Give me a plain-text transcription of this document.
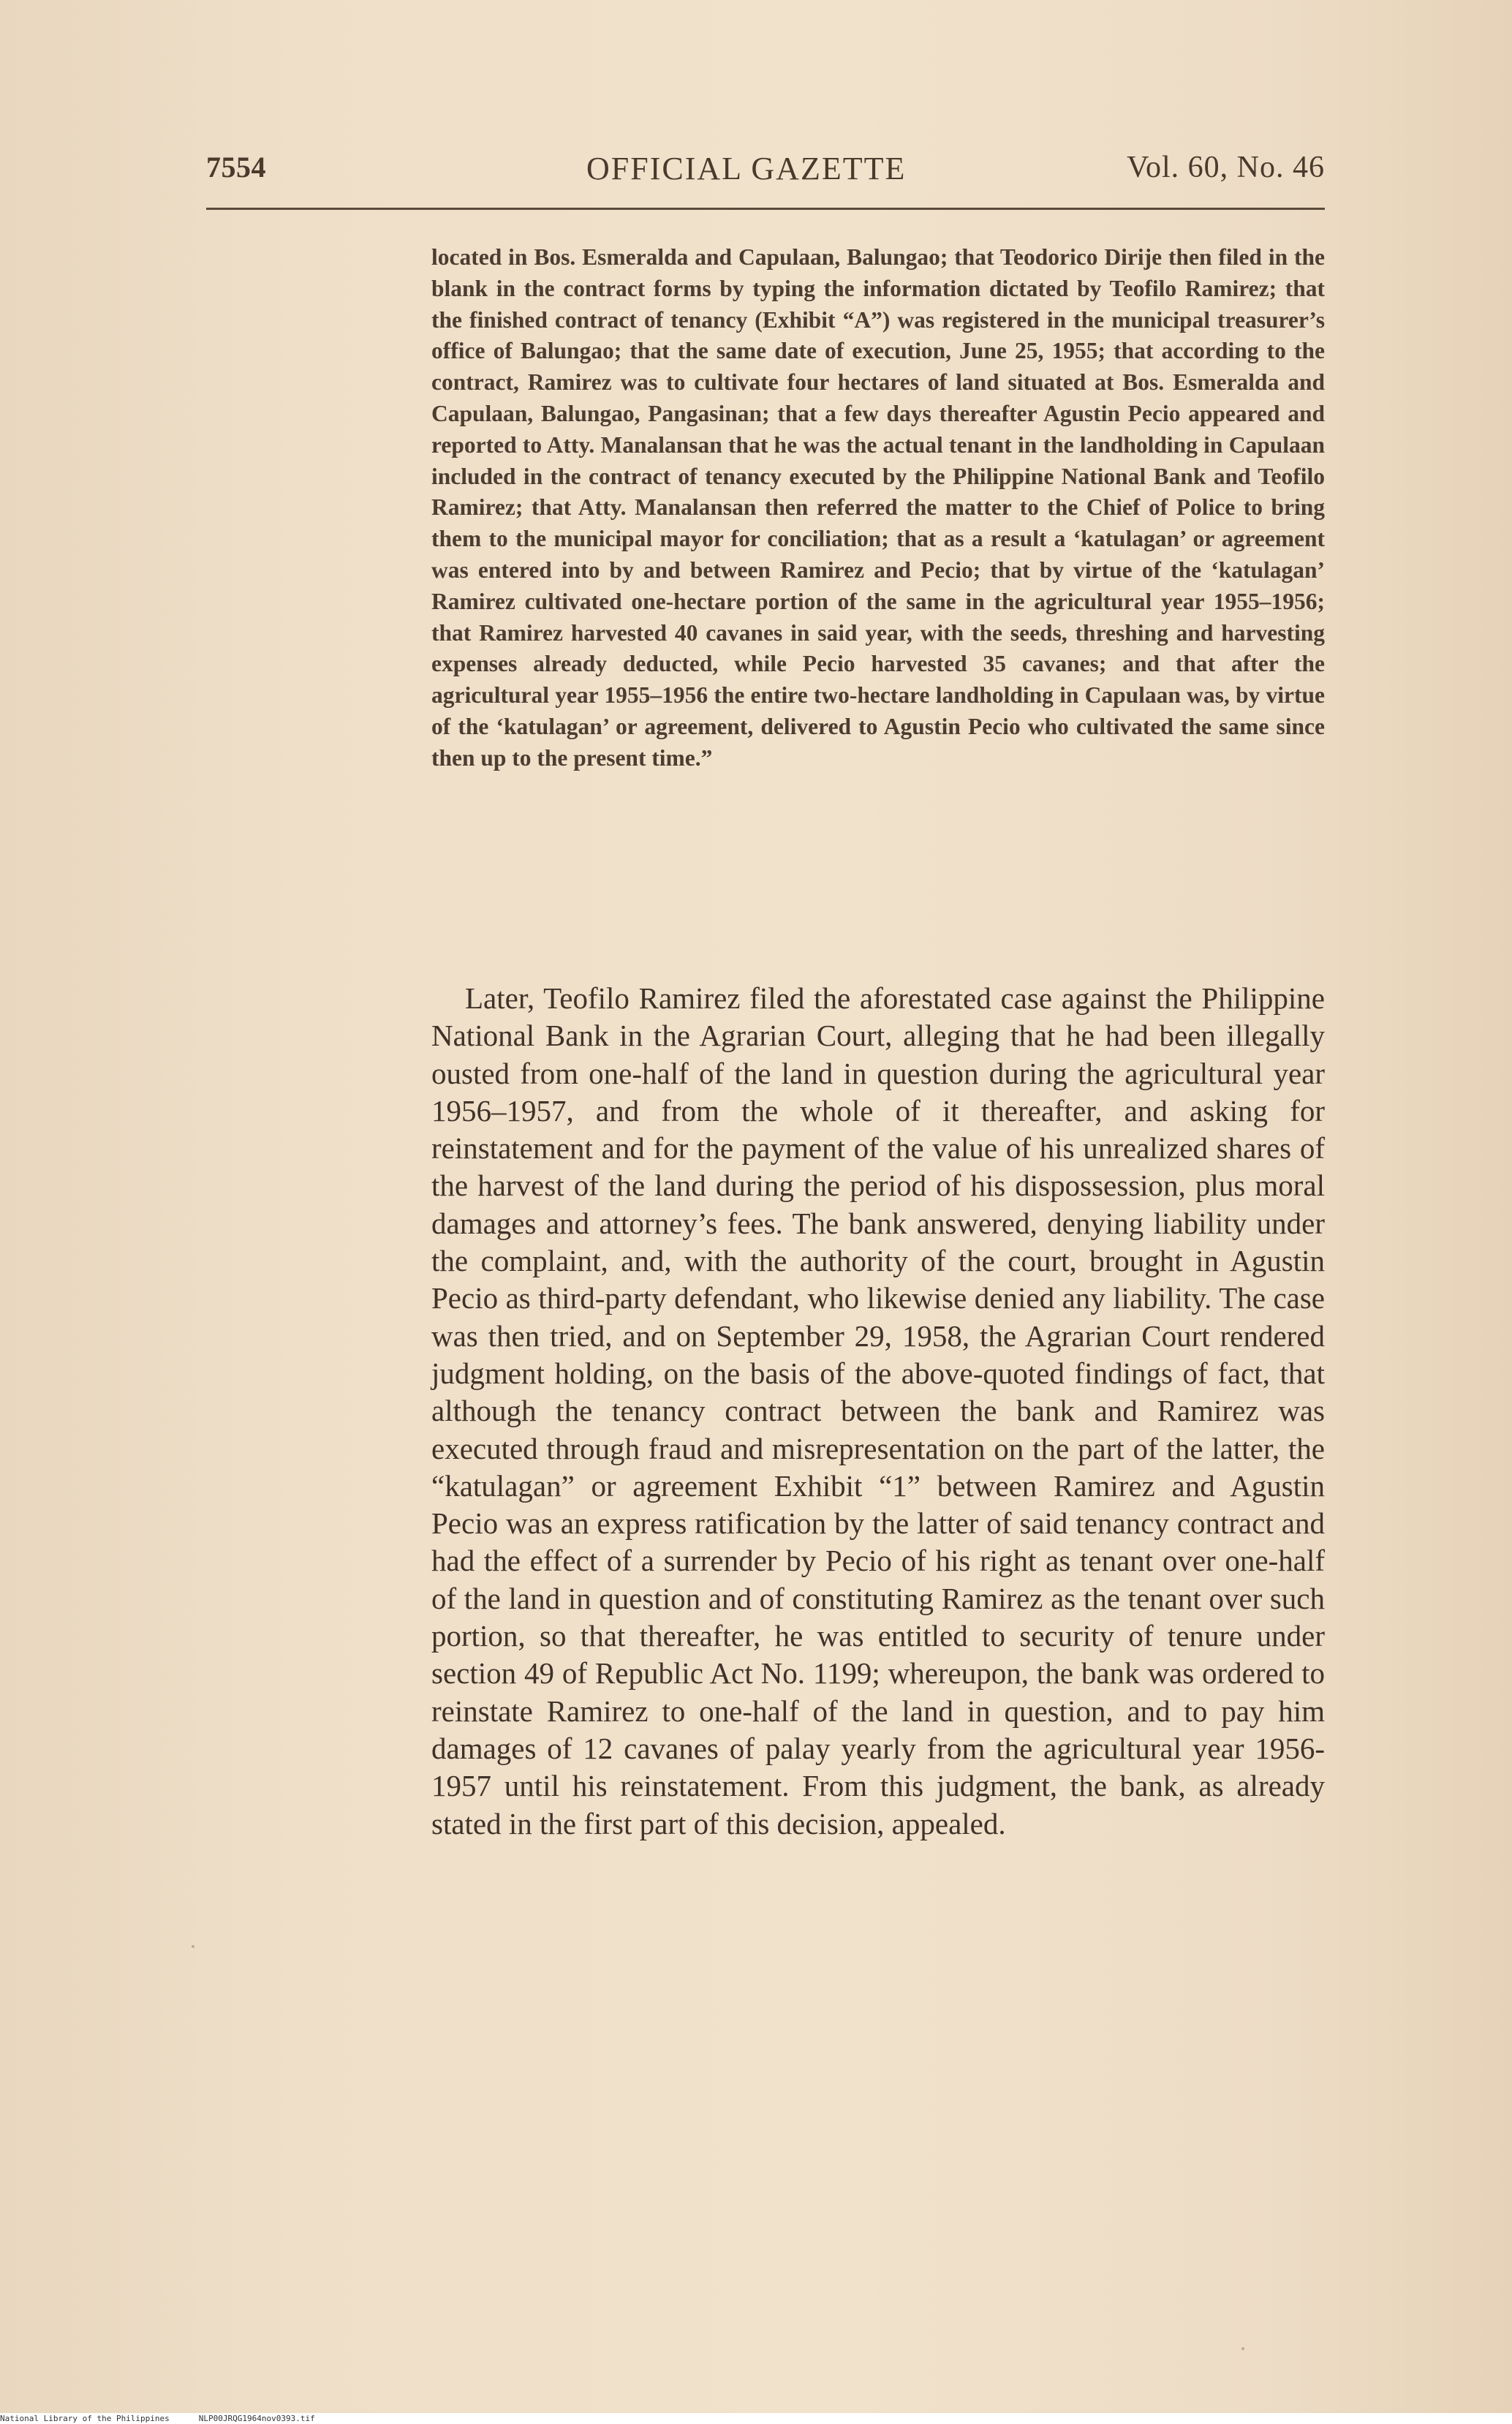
7554	OFFICIAL GAZETTE	Vol. 60, No. 46

located in Bos. Esmeralda and Capulaan, Balungao; that Teodorico Dirije then filed in the blank in the contract forms by typing the information dictated by Teofilo Ramirez; that the finished contract of tenancy (Exhibit “A”) was registered in the municipal treasurer’s office of Balungao; that the same date of execution, June 25, 1955; that according to the contract, Ramirez was to cultivate four hectares of land situated at Bos. Esmeralda and Capulaan, Balungao, Pangasinan; that a few days thereafter Agustin Pecio appeared and reported to Atty. Manalansan that he was the actual tenant in the landholding in Capulaan included in the contract of tenancy executed by the Philippine National Bank and Teofilo Ramirez; that Atty. Manalansan then referred the matter to the Chief of Police to bring them to the municipal mayor for conciliation; that as a result a ‘katulagan’ or agreement was entered into by and between Ramirez and Pecio; that by virtue of the ‘katulagan’ Ramirez cultivated one-hectare portion of the same in the agricultural year 1955–1956; that Ramirez harvested 40 cavanes in said year, with the seeds, threshing and harvesting expenses already deducted, while Pecio harvested 35 cavanes; and that after the agricultural year 1955–1956 the entire two-hectare landholding in Capulaan was, by virtue of the ‘katulagan’ or agreement, delivered to Agustin Pecio who cultivated the same since then up to the present time.”

Later, Teofilo Ramirez filed the aforestated case against the Philippine National Bank in the Agrarian Court, alleging that he had been illegally ousted from one-half of the land in question during the agricultural year 1956–1957, and from the whole of it thereafter, and asking for reinstatement and for the payment of the value of his unrealized shares of the harvest of the land during the period of his dispossession, plus moral damages and attorney’s fees. The bank answered, denying liability under the complaint, and, with the authority of the court, brought in Agustin Pecio as third-party defendant, who likewise denied any liability. The case was then tried, and on September 29, 1958, the Agrarian Court rendered judgment holding, on the basis of the above-quoted findings of fact, that although the tenancy contract between the bank and Ramirez was executed through fraud and misrepresentation on the part of the latter, the “katulagan” or agreement Exhibit “1” between Ramirez and Agustin Pecio was an express ratification by the latter of said tenancy contract and had the effect of a surrender by Pecio of his right as tenant over one-half of the land in question and of constituting Ramirez as the tenant over such portion, so that thereafter, he was entitled to security of tenure under section 49 of Republic Act No. 1199; whereupon, the bank was ordered to reinstate Ramirez to one-half of the land in question, and to pay him damages of 12 cavanes of palay yearly from the agricultural year 1956-1957 until his reinstatement. From this judgment, the bank, as already stated in the first part of this decision, appealed.

National Library of the Philippines	NLP00JRQG1964nov0393.tif
